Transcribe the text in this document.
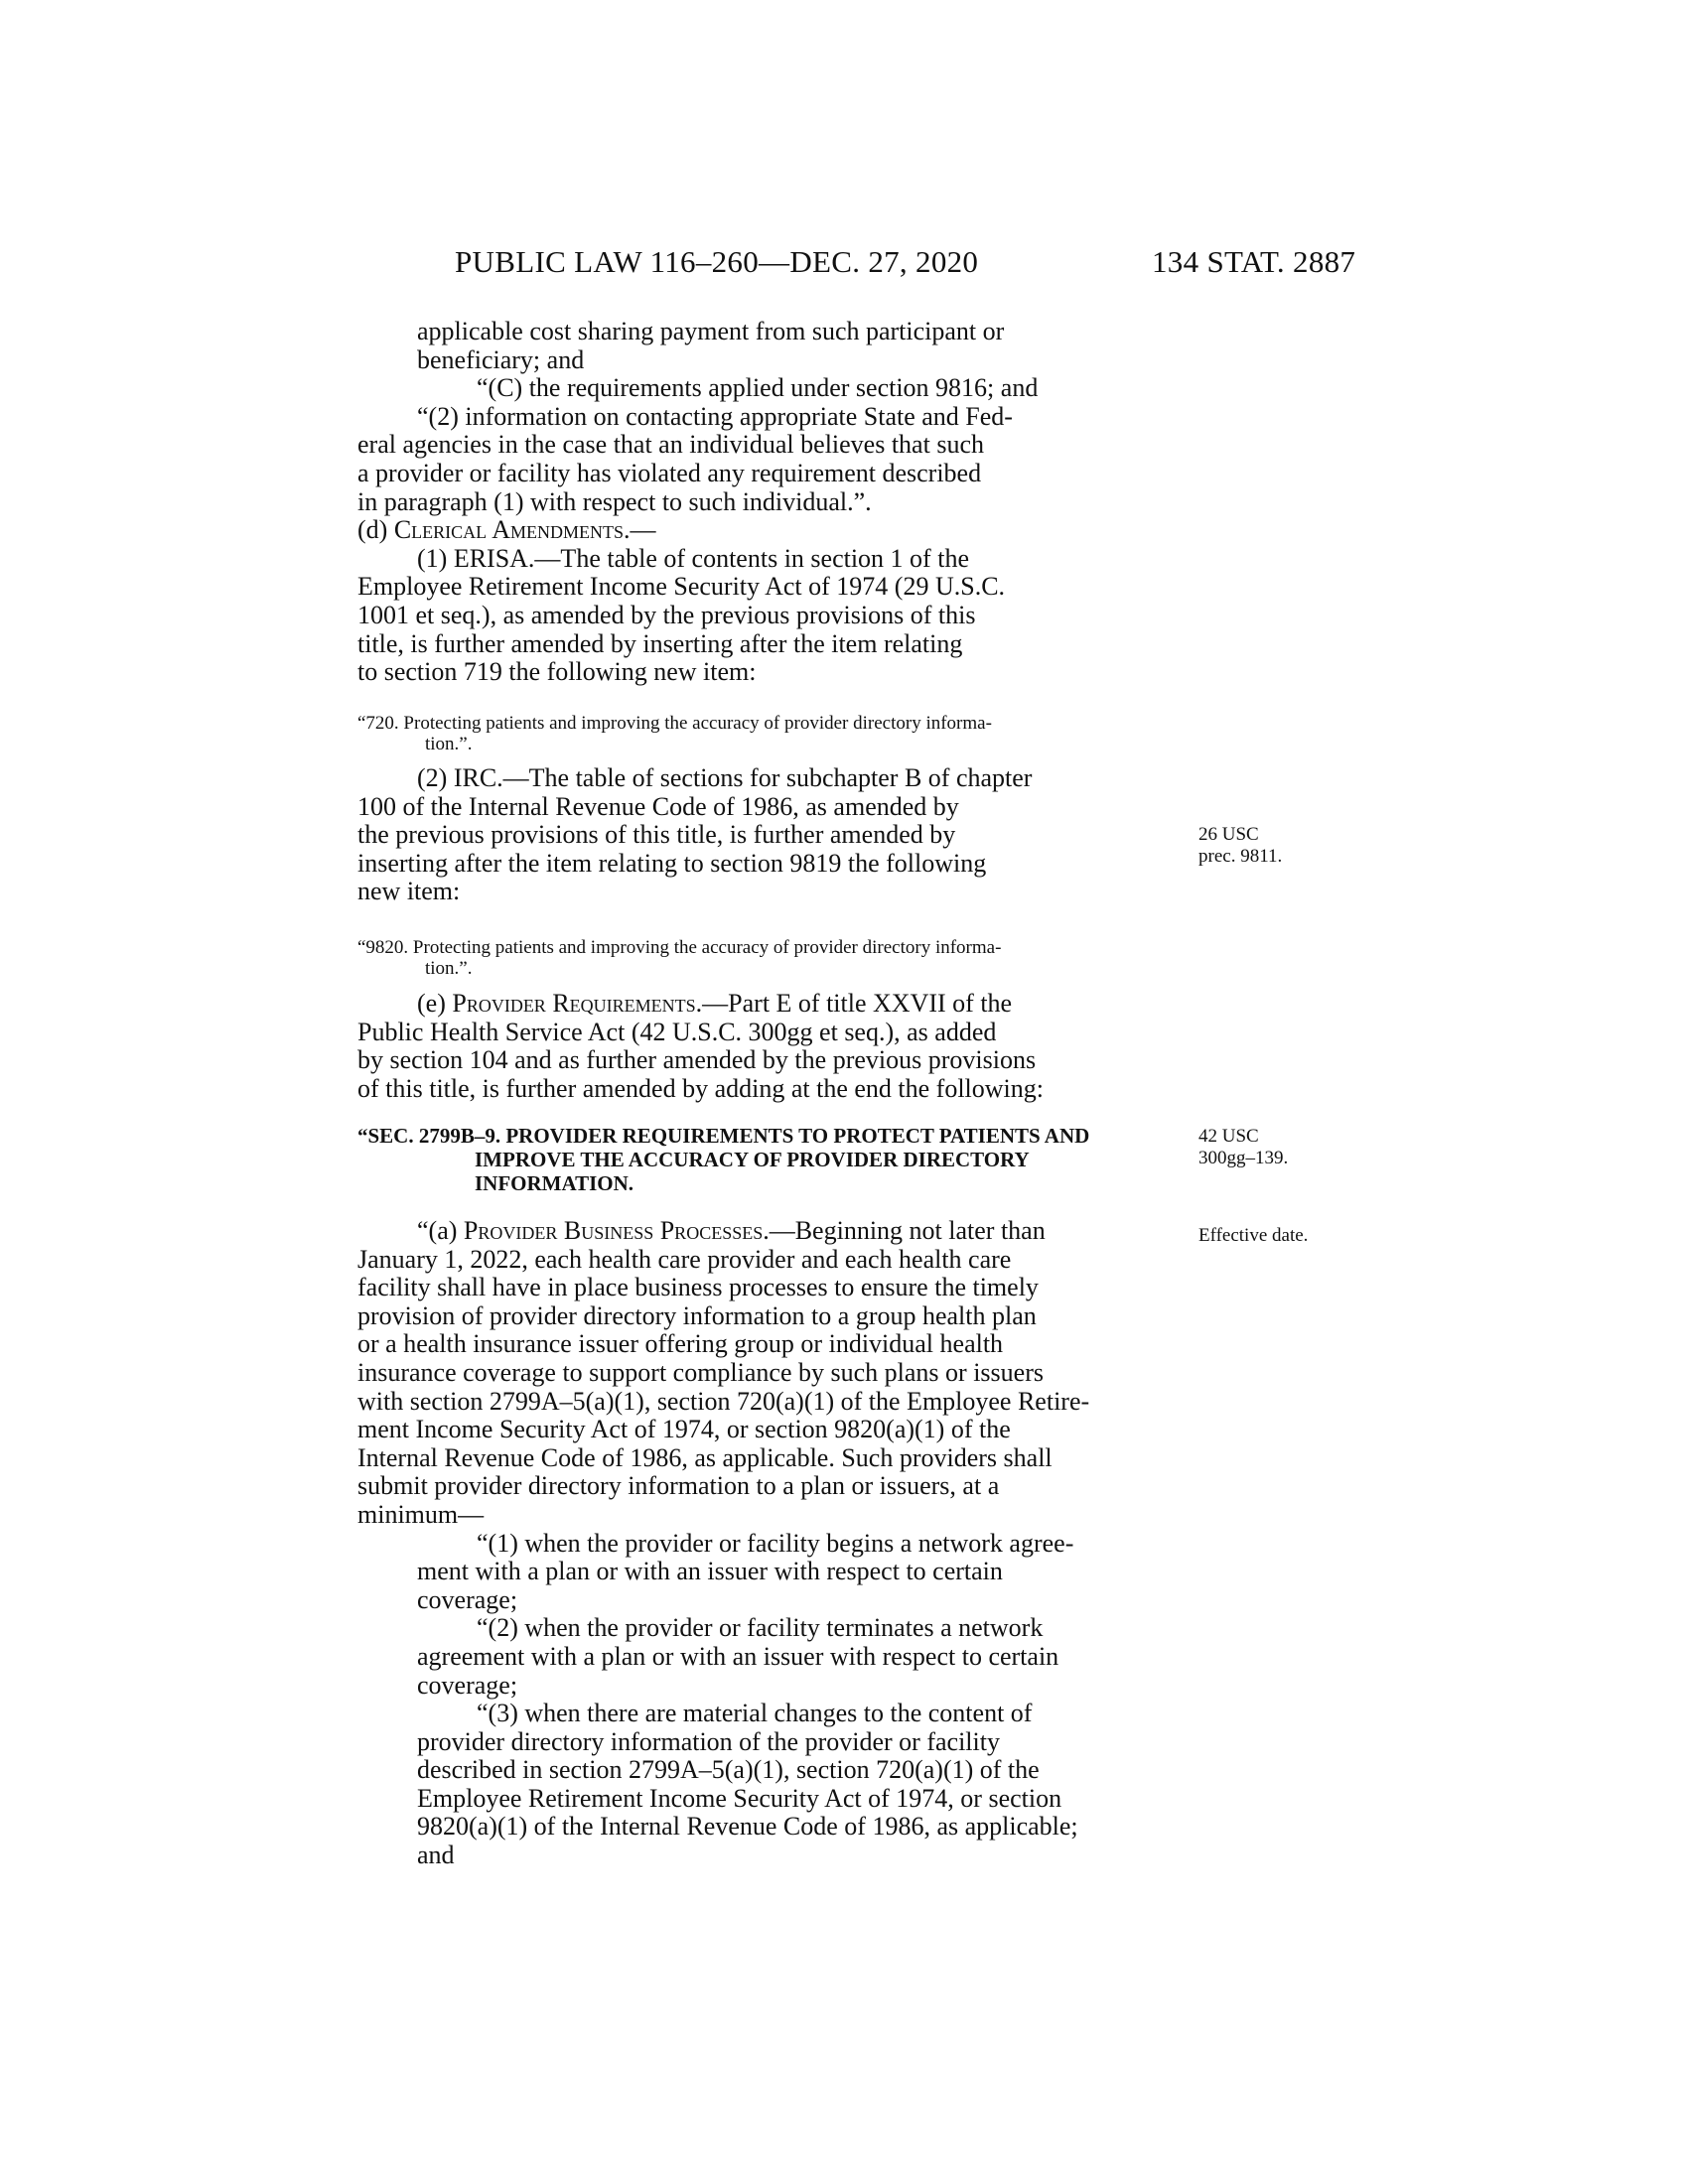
PUBLIC LAW 116–260—DEC. 27, 2020	134 STAT. 2887

applicable cost sharing payment from such participant or

beneficiary; and

“(C) the requirements applied under section 9816; and

“(2) information on contacting appropriate State and Fed-

eral agencies in the case that an individual believes that such

a provider or facility has violated any requirement described

in paragraph (1) with respect to such individual.”.

(d) Clerical Amendments.—

(1) ERISA.—The table of contents in section 1 of the

Employee Retirement Income Security Act of 1974 (29 U.S.C.

1001 et seq.), as amended by the previous provisions of this

title, is further amended by inserting after the item relating

to section 719 the following new item:

“720. Protecting patients and improving the accuracy of provider directory informa-

tion.”.

(2) IRC.—The table of sections for subchapter B of chapter

100 of the Internal Revenue Code of 1986, as amended by

the previous provisions of this title, is further amended by

inserting after the item relating to section 9819 the following

new item:

26 USC
prec. 9811.

“9820. Protecting patients and improving the accuracy of provider directory informa-

tion.”.

(e) Provider Requirements.—Part E of title XXVII of the

Public Health Service Act (42 U.S.C. 300gg et seq.), as added

by section 104 and as further amended by the previous provisions

of this title, is further amended by adding at the end the following:

“SEC. 2799B–9. PROVIDER REQUIREMENTS TO PROTECT PATIENTS AND
IMPROVE THE ACCURACY OF PROVIDER DIRECTORY
INFORMATION.
42 USC
300gg–139.
Effective date.

“(a) Provider Business Processes.—Beginning not later than

January 1, 2022, each health care provider and each health care

facility shall have in place business processes to ensure the timely

provision of provider directory information to a group health plan

or a health insurance issuer offering group or individual health

insurance coverage to support compliance by such plans or issuers

with section 2799A–5(a)(1), section 720(a)(1) of the Employee Retire-

ment Income Security Act of 1974, or section 9820(a)(1) of the

Internal Revenue Code of 1986, as applicable. Such providers shall

submit provider directory information to a plan or issuers, at a

minimum—

“(1) when the provider or facility begins a network agree-

ment with a plan or with an issuer with respect to certain

coverage;

“(2) when the provider or facility terminates a network

agreement with a plan or with an issuer with respect to certain

coverage;

“(3) when there are material changes to the content of

provider directory information of the provider or facility

described in section 2799A–5(a)(1), section 720(a)(1) of the

Employee Retirement Income Security Act of 1974, or section

9820(a)(1) of the Internal Revenue Code of 1986, as applicable;

and
